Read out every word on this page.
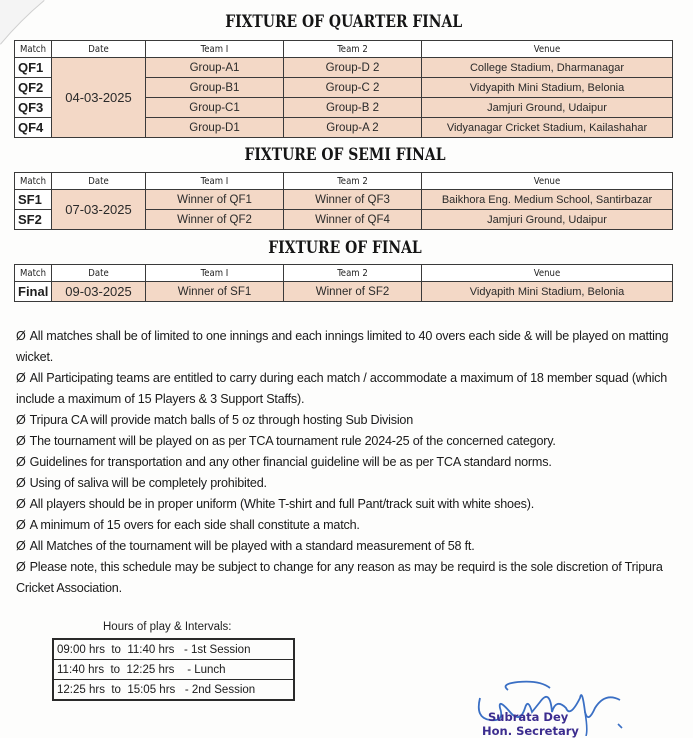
FIXTURE OF QUARTER FINAL
Match	Date	Team I	Team 2	Venue
QF1	04-03-2025	Group-A1	Group-D 2	College Stadium, Dharmanagar
QF2		Group-B1	Group-C 2	Vidyapith Mini Stadium, Belonia
QF3		Group-C1	Group-B 2	Jamjuri Ground, Udaipur
QF4		Group-D1	Group-A 2	Vidyanagar Cricket Stadium, Kailashahar
FIXTURE OF SEMI FINAL
Match	Date	Team I	Team 2	Venue
SF1	07-03-2025	Winner of QF1	Winner of QF3	Baikhora Eng. Medium School, Santirbazar
SF2		Winner of QF2	Winner of QF4	Jamjuri Ground, Udaipur
FIXTURE OF FINAL
Match	Date	Team I	Team 2	Venue
Final	09-03-2025	Winner of SF1	Winner of SF2	Vidyapith Mini Stadium, Belonia

Ø All matches shall be of limited to one innings and each innings limited to 40 overs each side & will be played on matting wicket.

Ø All Participating teams are entitled to carry during each match / accommodate a maximum of 18 member squad (which include a maximum of 15 Players & 3 Support Staffs).

Ø Tripura CA will provide match balls of 5 oz through hosting Sub Division

Ø The tournament will be played on as per TCA tournament rule 2024-25 of the concerned category.

Ø Guidelines for transportation and any other financial guideline will be as per TCA standard norms.

Ø Using of saliva will be completely prohibited.

Ø All players should be in proper uniform (White T-shirt and full Pant/track suit with white shoes).

Ø A minimum of 15 overs for each side shall constitute a match.

Ø All Matches of the tournament will be played with a standard measurement of 58 ft.

Ø Please note, this schedule may be subject to change for any reason as may be requird is the sole discretion of Tripura Cricket Association.

Hours of play & Intervals:
09:00 hrs  to  11:40 hrs   - 1st Session
11:40 hrs  to  12:25 hrs    - Lunch
12:25 hrs  to  15:05 hrs   - 2nd Session
Subrata Dey
Hon. Secretary
